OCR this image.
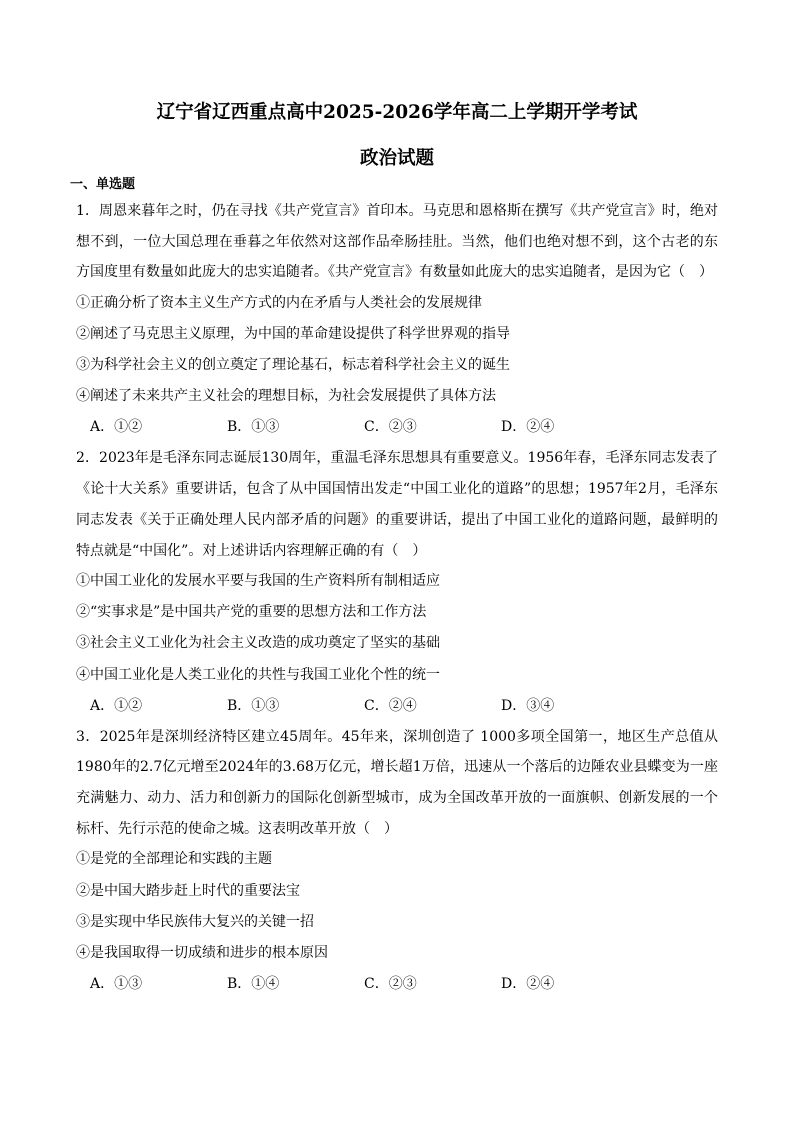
辽宁省辽西重点高中2025-2026学年高二上学期开学考试
政治试题
一、单选题

1．周恩来暮年之时，仍在寻找《共产党宣言》首印本。马克思和恩格斯在撰写《共产党宣言》时，绝对想不到，一位大国总理在垂暮之年依然对这部作品牵肠挂肚。当然，他们也绝对想不到，这个古老的东方国度里有数量如此庞大的忠实追随者。《共产党宣言》有数量如此庞大的忠实追随者，是因为它（　）

①正确分析了资本主义生产方式的内在矛盾与人类社会的发展规律

②阐述了马克思主义原理，为中国的革命建设提供了科学世界观的指导

③为科学社会主义的创立奠定了理论基石，标志着科学社会主义的诞生

④阐述了未来共产主义社会的理想目标，为社会发展提供了具体方法

A．①②	B．①③	C．②③	D．②④

2．2023年是毛泽东同志诞辰130周年，重温毛泽东思想具有重要意义。1956年春，毛泽东同志发表了《论十大关系》重要讲话，包含了从中国国情出发走“中国工业化的道路”的思想；1957年2月，毛泽东同志发表《关于正确处理人民内部矛盾的问题》的重要讲话，提出了中国工业化的道路问题，最鲜明的特点就是“中国化”。对上述讲话内容理解正确的有（　）

①中国工业化的发展水平要与我国的生产资料所有制相适应

②“实事求是”是中国共产党的重要的思想方法和工作方法

③社会主义工业化为社会主义改造的成功奠定了坚实的基础

④中国工业化是人类工业化的共性与我国工业化个性的统一

A．①②	B．①③	C．②④	D．③④

3．2025年是深圳经济特区建立45周年。45年来，深圳创造了 1000多项全国第一，地区生产总值从1980年的2.7亿元增至2024年的3.68万亿元，增长超1万倍，迅速从一个落后的边陲农业县蝶变为一座充满魅力、动力、活力和创新力的国际化创新型城市，成为全国改革开放的一面旗帜、创新发展的一个标杆、先行示范的使命之城。这表明改革开放（　）

①是党的全部理论和实践的主题

②是中国大踏步赶上时代的重要法宝

③是实现中华民族伟大复兴的关键一招

④是我国取得一切成绩和进步的根本原因

A．①③	B．①④	C．②③	D．②④
